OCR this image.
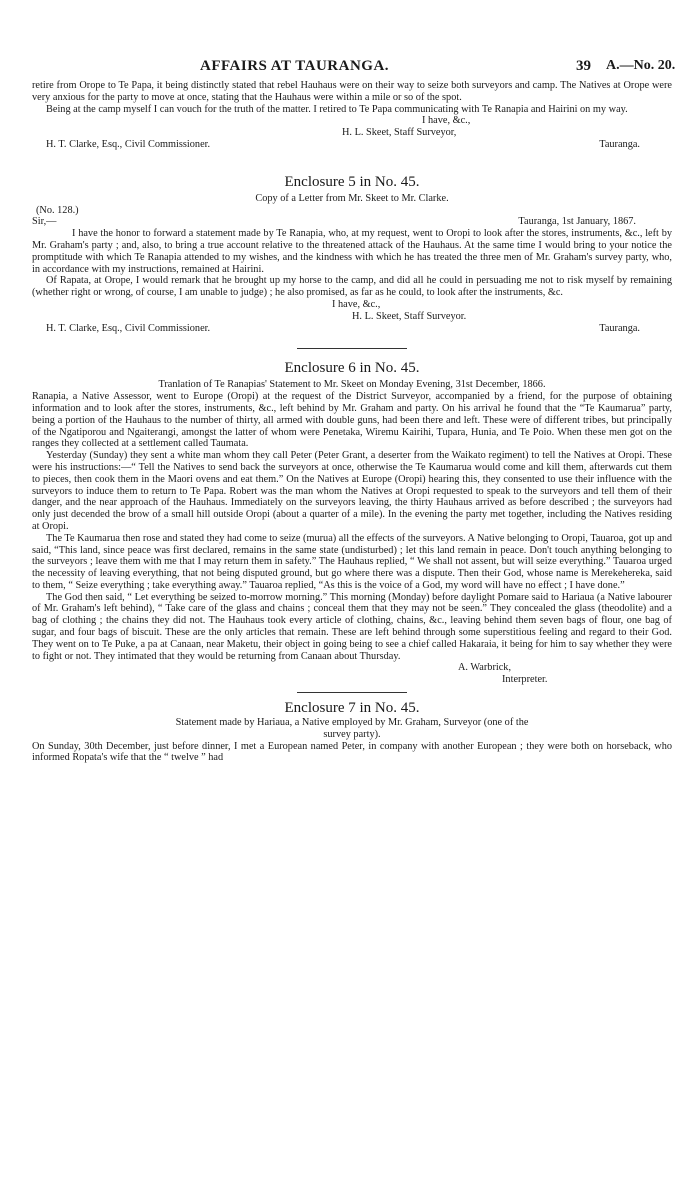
AFFAIRS AT TAURANGA.	39 A.—No. 20.

retire from Orope to Te Papa, it being distinctly stated that rebel Hauhaus were on their way to seize both surveyors and camp. The Natives at Orope were very anxious for the party to move at once, stating that the Hauhaus were within a mile or so of the spot.

Being at the camp myself I can vouch for the truth of the matter. I retired to Te Papa communicating with Te Ranapia and Hairini on my way.

I have, &c.,

H. L. Skeet, Staff Surveyor,

H. T. Clarke, Esq., Civil Commissioner.	Tauranga.
Enclosure 5 in No. 45.

Copy of a Letter from Mr. Skeet to Mr. Clarke.

(No. 128.)

Sir,—	Tauranga, 1st January, 1867.

I have the honor to forward a statement made by Te Ranapia, who, at my request, went to Oropi to look after the stores, instruments, &c., left by Mr. Graham's party ; and, also, to bring a true account relative to the threatened attack of the Hauhaus. At the same time I would bring to your notice the promptitude with which Te Ranapia attended to my wishes, and the kindness with which he has treated the three men of Mr. Graham's survey party, who, in accordance with my instructions, remained at Hairini.

Of Rapata, at Orope, I would remark that he brought up my horse to the camp, and did all he could in persuading me not to risk myself by remaining (whether right or wrong, of course, I am unable to judge) ; he also promised, as far as he could, to look after the instruments, &c.

I have, &c.,

H. L. Skeet, Staff Surveyor.

H. T. Clarke, Esq., Civil Commissioner.	Tauranga.
Enclosure 6 in No. 45.

Tranlation of Te Ranapias' Statement to Mr. Skeet on Monday Evening, 31st December, 1866.

Ranapia, a Native Assessor, went to Europe (Oropi) at the request of the District Surveyor, accompanied by a friend, for the purpose of obtaining information and to look after the stores, instruments, &c., left behind by Mr. Graham and party. On his arrival he found that the “Te Kaumarua” party, being a portion of the Hauhaus to the number of thirty, all armed with double guns, had been there and left. These were of different tribes, but principally of the Ngatiporou and Ngaiterangi, amongst the latter of whom were Penetaka, Wiremu Kairihi, Tupara, Hunia, and Te Poio. When these men got on the ranges they collected at a settlement called Taumata.

Yesterday (Sunday) they sent a white man whom they call Peter (Peter Grant, a deserter from the Waikato regiment) to tell the Natives at Oropi. These were his instructions:—“ Tell the Natives to send back the surveyors at once, otherwise the Te Kaumarua would come and kill them, afterwards cut them to pieces, then cook them in the Maori ovens and eat them.” On the Natives at Europe (Oropi) hearing this, they consented to use their influence with the surveyors to induce them to return to Te Papa. Robert was the man whom the Natives at Oropi requested to speak to the surveyors and tell them of their danger, and the near approach of the Hauhaus. Immediately on the surveyors leaving, the thirty Hauhaus arrived as before described ; the surveyors had only just decended the brow of a small hill outside Oropi (about a quarter of a mile). In the evening the party met together, including the Natives residing at Oropi.

The Te Kaumarua then rose and stated they had come to seize (murua) all the effects of the surveyors. A Native belonging to Oropi, Tauaroa, got up and said, “This land, since peace was first declared, remains in the same state (undisturbed) ; let this land remain in peace. Don't touch anything belonging to the surveyors ; leave them with me that I may return them in safety.” The Hauhaus replied, “ We shall not assent, but will seize everything.” Tauaroa urged the necessity of leaving everything, that not being disputed ground, but go where there was a dispute. Then their God, whose name is Merekehereka, said to them, “ Seize everything ; take everything away.” Tauaroa replied, “As this is the voice of a God, my word will have no effect ; I have done.”

The God then said, “ Let everything be seized to-morrow morning.” This morning (Monday) before daylight Pomare said to Hariaua (a Native labourer of Mr. Graham's left behind), “ Take care of the glass and chains ; conceal them that they may not be seen.” They concealed the glass (theodolite) and a bag of clothing ; the chains they did not. The Hauhaus took every article of clothing, chains, &c., leaving behind them seven bags of flour, one bag of sugar, and four bags of biscuit. These are the only articles that remain. These are left behind through some superstitious feeling and regard to their God. They went on to Te Puke, a pa at Canaan, near Maketu, their object in going being to see a chief called Hakaraia, it being for him to say whether they were to fight or not. They intimated that they would be returning from Canaan about Thursday.

A. Warbrick,

Interpreter.

Enclosure 7 in No. 45.

Statement made by Hariaua, a Native employed by Mr. Graham, Surveyor (one of the

survey party).

On Sunday, 30th December, just before dinner, I met a European named Peter, in company with another European ; they were both on horseback, who informed Ropata's wife that the “ twelve ” had
